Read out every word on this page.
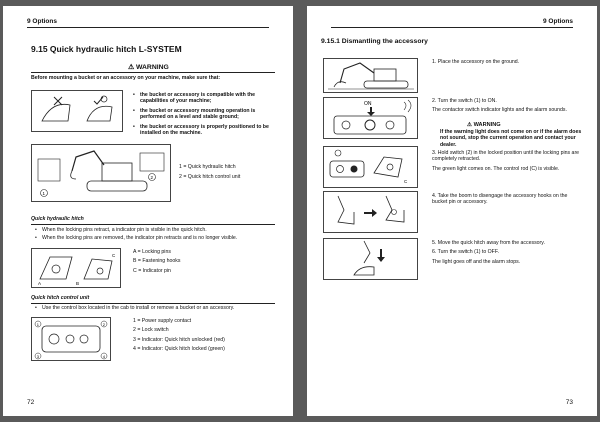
9 Options
9.15 Quick hydraulic hitch L-SYSTEM
⚠ WARNING
Before mounting a bucket or an accessory on your machine, make sure that:
• the bucket or accessory is compatible with the capabilities of your machine;
• the bucket or accessory mounting operation is performed on a level and stable ground;
• the bucket or accessory is properly positioned to be installed on the machine.
1
2
1 = Quick hydraulic hitch
2 = Quick hitch control unit
Quick hydraulic hitch
• When the locking pins retract, a indicator pin is visible in the quick hitch.
• When the locking pins are removed, the indicator pin retracts and is no longer visible.
A	B
C
A = Locking pins
B = Fastening hooks
C = Indicator pin
Quick hitch control unit
• Use the control box located in the cab to install or remove a bucket or an accessory.
1	2
3	4
1 = Power supply contact
2 = Lock switch
3 = Indicator: Quick hitch unlocked (red)
4 = Indicator: Quick hitch locked (green)
72
9 Options
9.15.1 Dismantling the accessory
1. Place the accessory on the ground.
ON	2. Turn the switch (1) to ON.
The contactor switch indicator lights and the alarm sounds.
⚠ WARNING
If the warning light does not come on or if the alarm does not sound, stop the current operation and contact your dealer.
C
3. Hold switch (2) in the locked position until the locking pins are completely retracted.
The green light comes on. The control rod (C) is visible.
4. Take the boom to disengage the accessory hooks on the bucket pin or accessory.
5. Move the quick hitch away from the accessory.
6. Turn the switch (1) to OFF.
The light goes off and the alarm stops.
73
